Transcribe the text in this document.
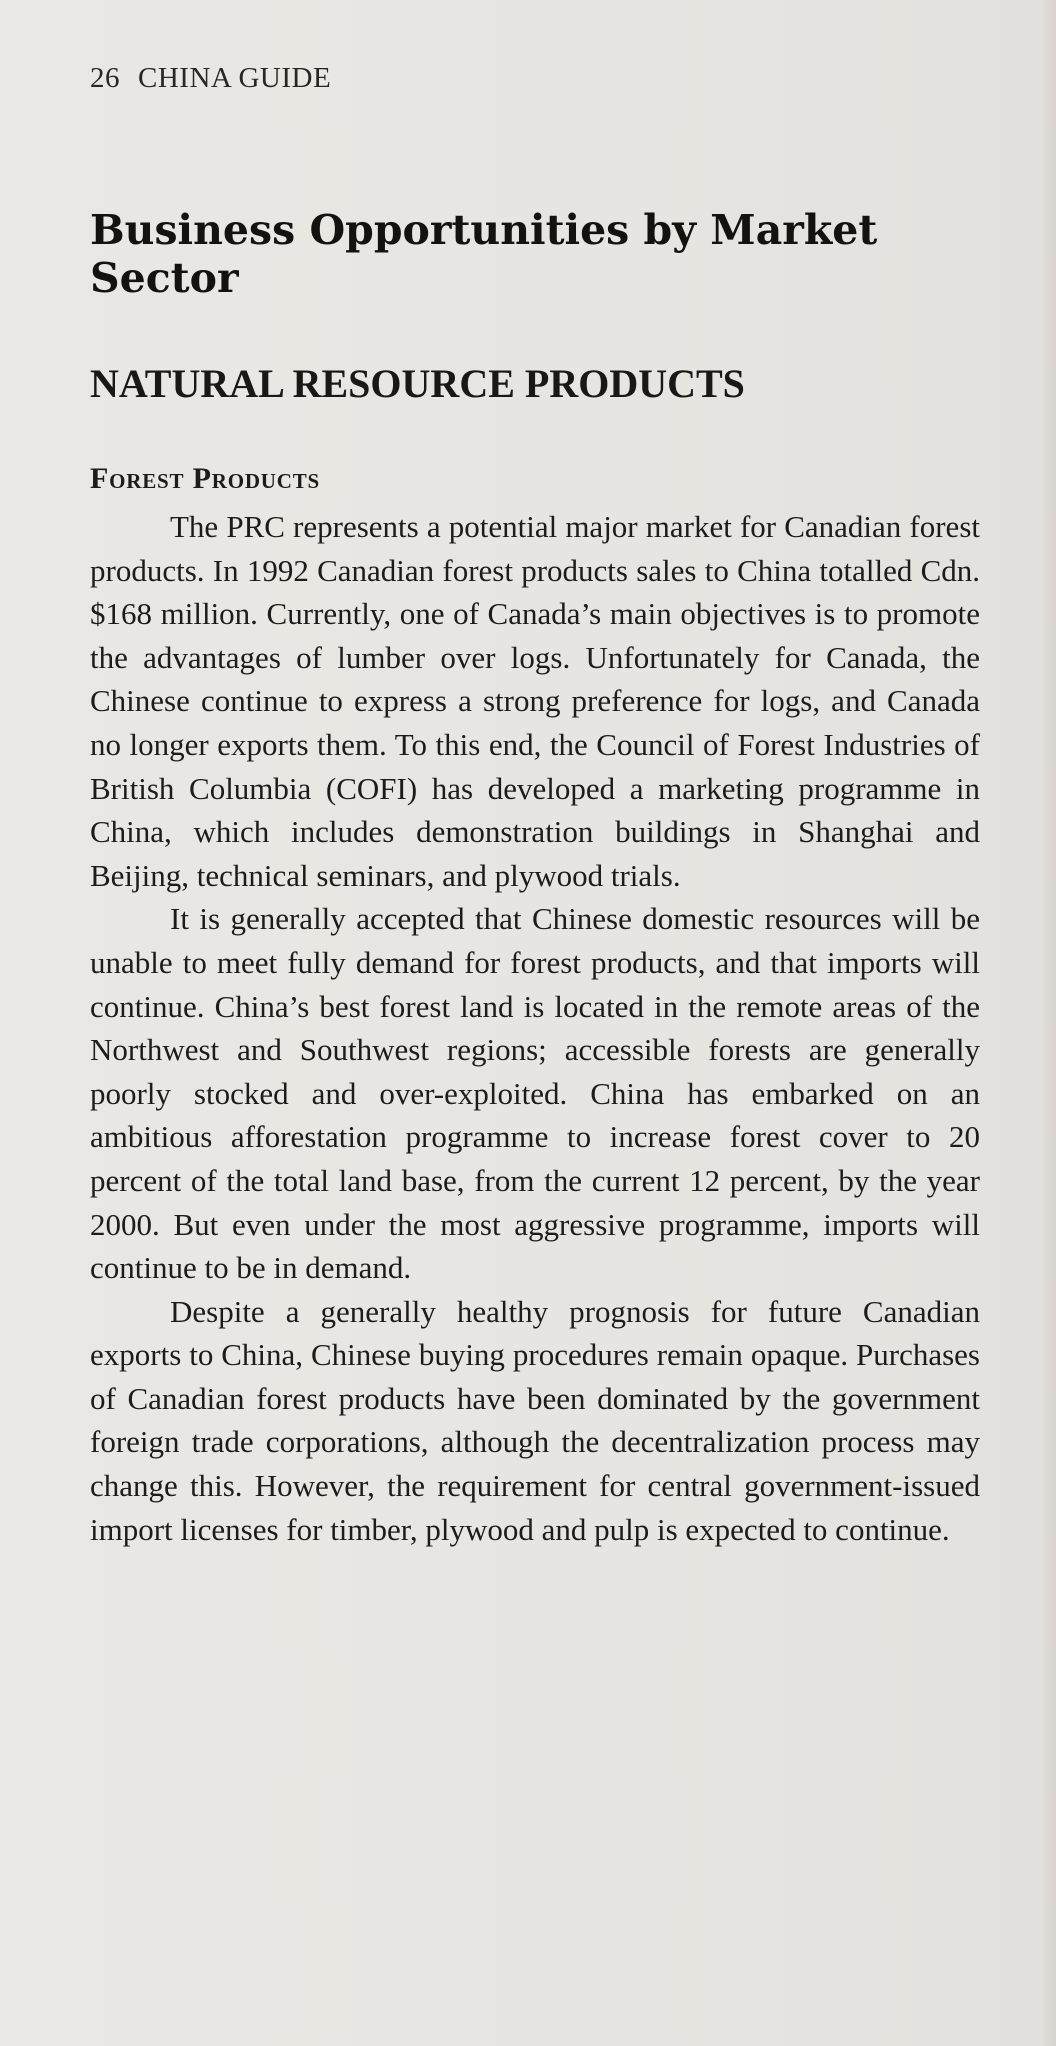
26 CHINA GUIDE
Business Opportunities by Market Sector
NATURAL RESOURCE PRODUCTS
Forest Products

The PRC represents a potential major market for Canadian forest products. In 1992 Canadian forest products sales to China totalled Cdn. $168 million. Currently, one of Canada’s main objectives is to promote the advantages of lumber over logs. Unfortunately for Canada, the Chinese continue to express a strong preference for logs, and Canada no longer exports them. To this end, the Council of Forest Industries of British Columbia (COFI) has developed a marketing programme in China, which includes demonstration buildings in Shanghai and Beijing, technical seminars, and plywood trials.

It is generally accepted that Chinese domestic resources will be unable to meet fully demand for forest products, and that imports will continue. China’s best forest land is located in the remote areas of the Northwest and Southwest regions; accessible forests are generally poorly stocked and over-exploited. China has embarked on an ambitious afforestation programme to increase forest cover to 20 percent of the total land base, from the current 12 percent, by the year 2000. But even under the most aggressive programme, imports will continue to be in demand.

Despite a generally healthy prognosis for future Canadian exports to China, Chinese buying procedures remain opaque. Purchases of Canadian forest products have been dominated by the government foreign trade corporations, although the decentralization process may change this. However, the requirement for central government-issued import licenses for timber, plywood and pulp is expected to continue.
